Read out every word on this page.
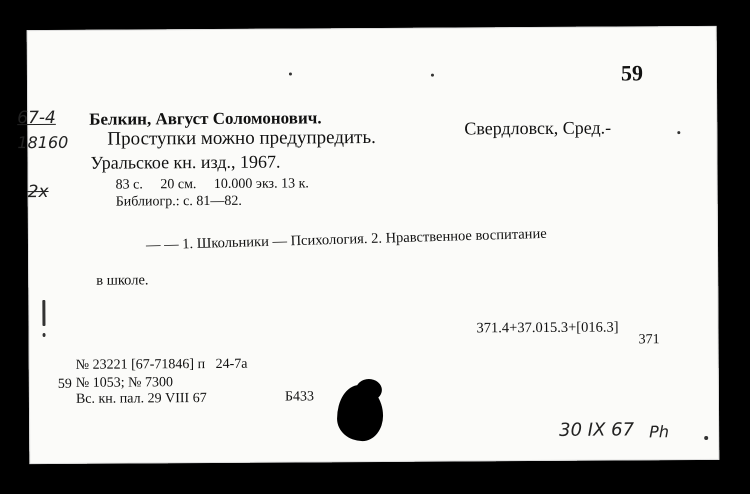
59
67-4
18160
2x
Белкин, Август Соломонович.
Проступки можно предупредить.	Свердловск, Сред.-
Уральское кн. изд., 1967.
83 с.     20 см.     10.000 экз. 13 к.
Библиогр.: с. 81—82.
— — 1. Школьники — Психология. 2. Нравственное воспитание
в школе.
371.4+37.015.3+[016.3]
371
№ 23221 [67-71846] п   24-7а
59 № 1053; № 7300
Вс. кн. пал. 29 VIII 67	Б433
30 IX 67 Рh
